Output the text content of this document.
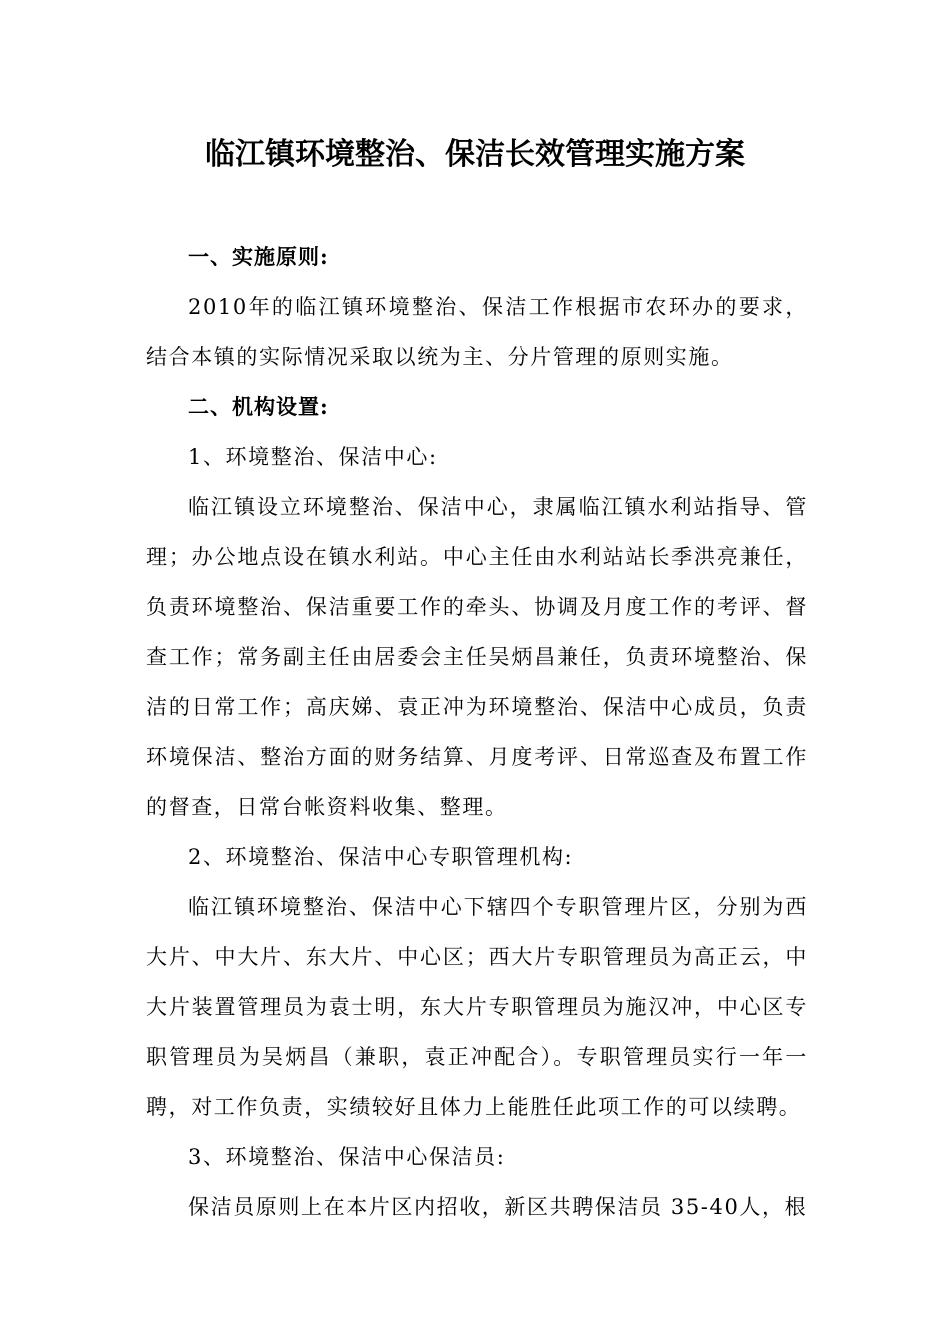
临江镇环境整治、保洁长效管理实施方案

一、实施原则:

2010年的临江镇环境整治、保洁工作根据市农环办的要求，结合本镇的实际情况采取以统为主、分片管理的原则实施。

二、机构设置:

1、环境整治、保洁中心:

临江镇设立环境整治、保洁中心，隶属临江镇水利站指导、管理；办公地点设在镇水利站。中心主任由水利站站长季洪亮兼任，负责环境整治、保洁重要工作的牵头、协调及月度工作的考评、督查工作；常务副主任由居委会主任吴炳昌兼任，负责环境整治、保洁的日常工作；高庆娣、袁正冲为环境整治、保洁中心成员，负责环境保洁、整治方面的财务结算、月度考评、日常巡查及布置工作的督查，日常台帐资料收集、整理。

2、环境整治、保洁中心专职管理机构:

临江镇环境整治、保洁中心下辖四个专职管理片区，分别为西大片、中大片、东大片、中心区；西大片专职管理员为高正云，中大片装置管理员为袁士明，东大片专职管理员为施汉冲，中心区专职管理员为吴炳昌（兼职，袁正冲配合）。专职管理员实行一年一聘，对工作负责，实绩较好且体力上能胜任此项工作的可以续聘。

3、环境整治、保洁中心保洁员:

保洁员原则上在本片区内招收，新区共聘保洁员 35-40人，根
